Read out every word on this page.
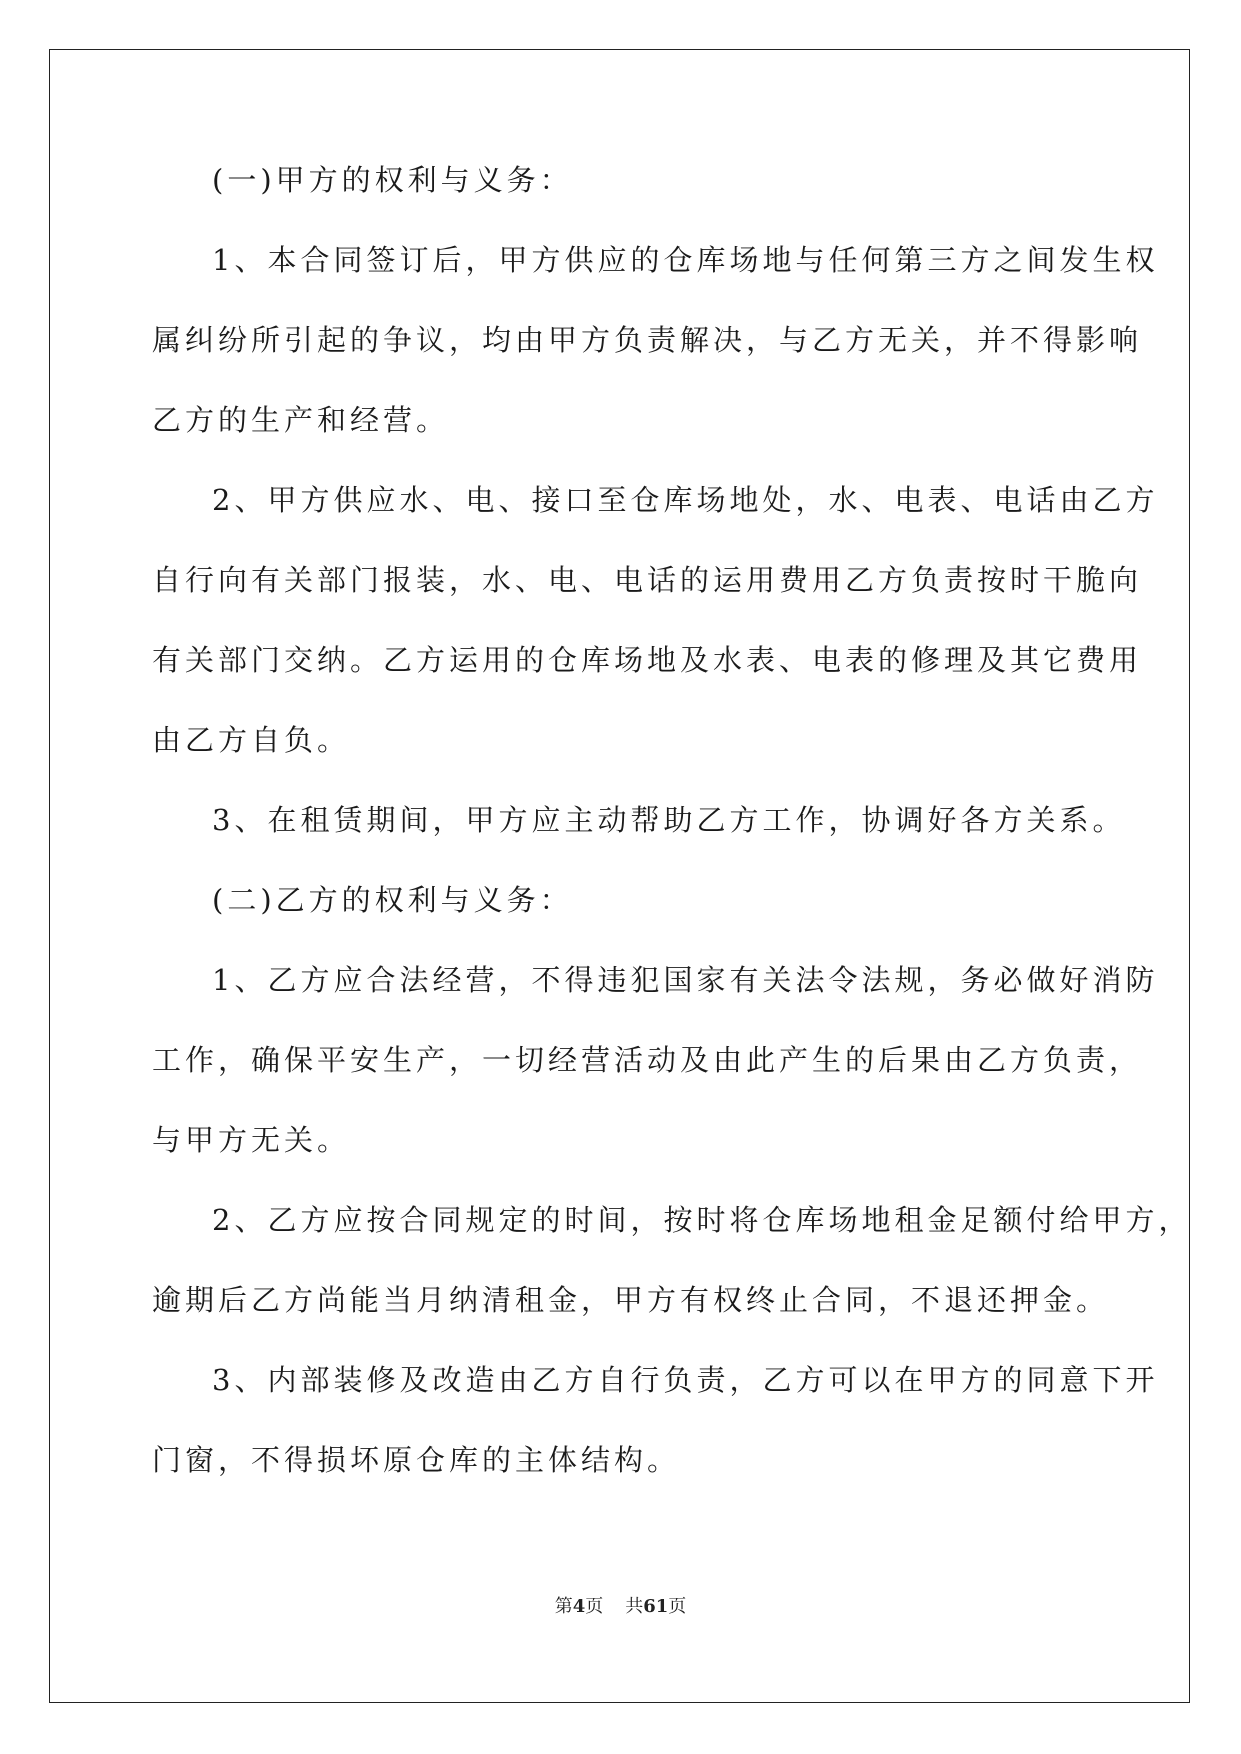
(一)甲方的权利与义务：
1、本合同签订后，甲方供应的仓库场地与任何第三方之间发生权
属纠纷所引起的争议，均由甲方负责解决，与乙方无关，并不得影响
乙方的生产和经营。
2、甲方供应水、电、接口至仓库场地处，水、电表、电话由乙方
自行向有关部门报装，水、电、电话的运用费用乙方负责按时干脆向
有关部门交纳。乙方运用的仓库场地及水表、电表的修理及其它费用
由乙方自负。
3、在租赁期间，甲方应主动帮助乙方工作，协调好各方关系。
(二)乙方的权利与义务：
1、乙方应合法经营，不得违犯国家有关法令法规，务必做好消防
工作，确保平安生产，一切经营活动及由此产生的后果由乙方负责，
与甲方无关。
2、乙方应按合同规定的时间，按时将仓库场地租金足额付给甲方，
逾期后乙方尚能当月纳清租金，甲方有权终止合同，不退还押金。
3、内部装修及改造由乙方自行负责，乙方可以在甲方的同意下开
门窗，不得损坏原仓库的主体结构。
第4页 共61页
